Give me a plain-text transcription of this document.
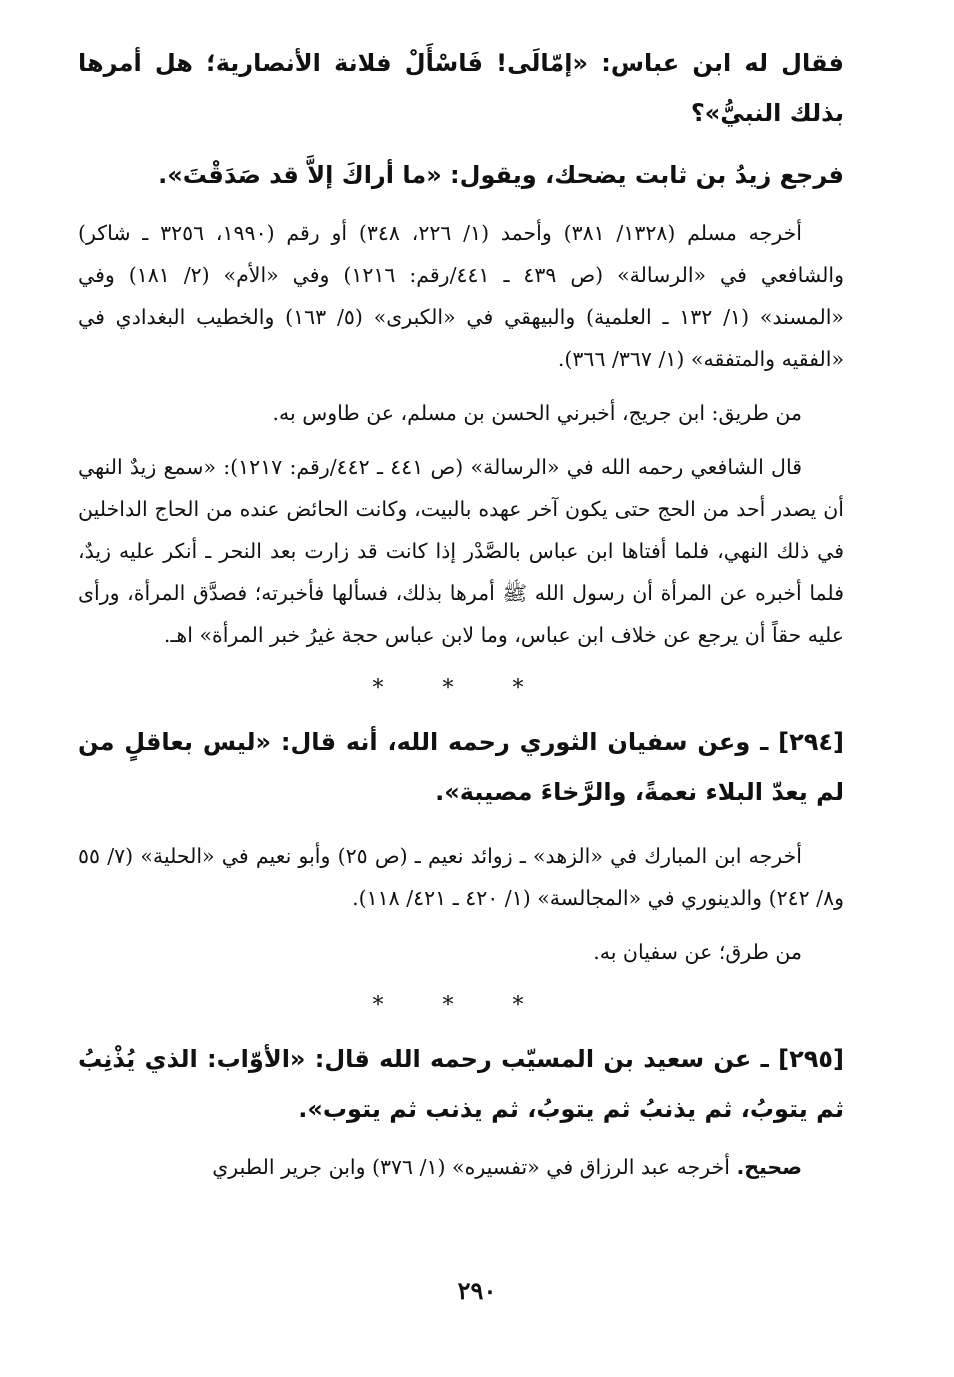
فقال له ابن عباس: «إمّالَى! فَاسْأَلْ فلانة الأنصارية؛ هل أمرها بذلك النبيُّ»؟

فرجع زيدُ بن ثابت يضحك، ويقول: «ما أراكَ إلاَّ قد صَدَقْتَ».

أخرجه مسلم (١٣٢٨/ ٣٨١) وأحمد (١/ ٢٢٦، ٣٤٨) أو رقم (١٩٩٠، ٣٢٥٦ ـ شاكر) والشافعي في «الرسالة» (ص ٤٣٩ ـ ٤٤١/رقم: ١٢١٦) وفي «الأم» (٢/ ١٨١) وفي «المسند» (١/ ١٣٢ ـ العلمية) والبيهقي في «الكبرى» (٥/ ١٦٣) والخطيب البغدادي في «الفقيه والمتفقه» (١/ ٣٦٧/ ٣٦٦).

من طريق: ابن جريج، أخبرني الحسن بن مسلم، عن طاوس به.

قال الشافعي رحمه الله في «الرسالة» (ص ٤٤١ ـ ٤٤٢/رقم: ١٢١٧): «سمع زيدٌ النهي أن يصدر أحد من الحج حتى يكون آخر عهده بالبيت، وكانت الحائض عنده من الحاج الداخلين في ذلك النهي، فلما أفتاها ابن عباس بالصَّدْر إذا كانت قد زارت بعد النحر ـ أنكر عليه زيدٌ، فلما أخبره عن المرأة أن رسول الله ﷺ أمرها بذلك، فسألها فأخبرته؛ فصدَّق المرأة، ورأى عليه حقاً أن يرجع عن خلاف ابن عباس، وما لابن عباس حجة غيرُ خبر المرأة» اهـ.

* * *

[٢٩٤] ـ وعن سفيان الثوري رحمه الله، أنه قال: «ليس بعاقلٍ من لم يعدّ البلاء نعمةً، والرَّخاءَ مصيبة».

أخرجه ابن المبارك في «الزهد» ـ زوائد نعيم ـ (ص ٢٥) وأبو نعيم في «الحلية» (٧/ ٥٥ و٨/ ٢٤٢) والدينوري في «المجالسة» (١/ ٤٢٠ ـ ٤٢١/ ١١٨).

من طرق؛ عن سفيان به.

* * *

[٢٩٥] ـ عن سعيد بن المسيّب رحمه الله قال: «الأوّاب: الذي يُذْنِبُ ثم يتوبُ، ثم يذنبُ ثم يتوبُ، ثم يذنب ثم يتوب».

صحيح. أخرجه عبد الرزاق في «تفسيره» (١/ ٣٧٦) وابن جرير الطبري

٢٩٠
